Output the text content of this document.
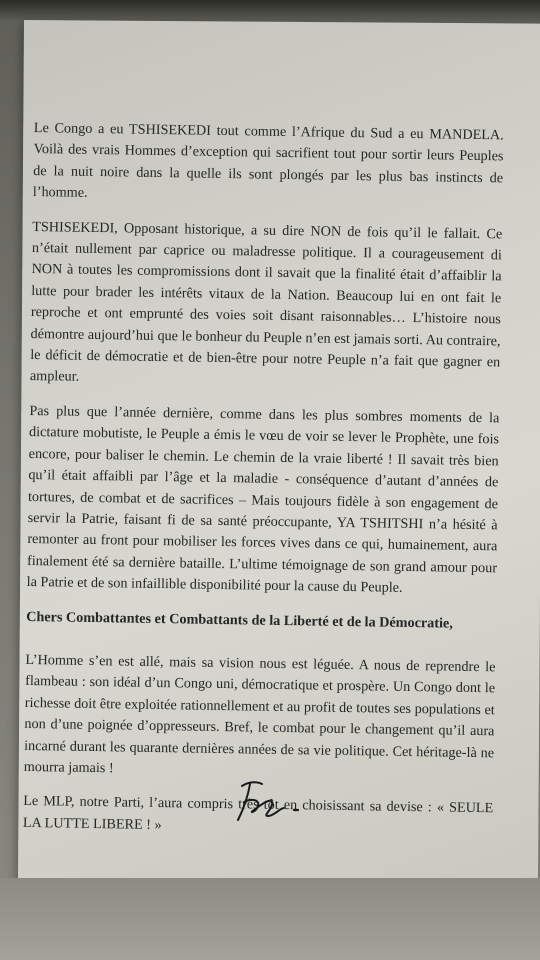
Le Congo a eu TSHISEKEDI tout comme l’Afrique du Sud a eu MANDELA. Voilà des vrais Hommes d’exception qui sacrifient tout pour sortir leurs Peuples de la nuit noire dans la quelle ils sont plongés par les plus bas instincts de l’homme.

TSHISEKEDI, Opposant historique, a su dire NON de fois qu’il le fallait. Ce n’était nullement par caprice ou maladresse politique. Il a courageusement di NON à toutes les compromissions dont il savait que la finalité était d’affaiblir la lutte pour brader les intérêts vitaux de la Nation. Beaucoup lui en ont fait le reproche et ont emprunté des voies soit disant raisonnables… L’histoire nous démontre aujourd’hui que le bonheur du Peuple n’en est jamais sorti. Au contraire, le déficit de démocratie et de bien-être pour notre Peuple n’a fait que gagner en ampleur.

Pas plus que l’année dernière, comme dans les plus sombres moments de la dictature mobutiste, le Peuple a émis le vœu de voir se lever le Prophète, une fois encore, pour baliser le chemin. Le chemin de la vraie liberté ! Il savait très bien qu’il était affaibli par l’âge et la maladie - conséquence d’autant d’années de tortures, de combat et de sacrifices – Mais toujours fidèle à son engagement de servir la Patrie, faisant fi de sa santé préoccupante, YA TSHITSHI n’a hésité à remonter au front pour mobiliser les forces vives dans ce qui, humainement, aura finalement été sa dernière bataille. L’ultime témoignage de son grand amour pour la Patrie et de son infaillible disponibilité pour la cause du Peuple.

Chers Combattantes et Combattants de la Liberté et de la Démocratie,

L’Homme s’en est allé, mais sa vision nous est léguée. A nous de reprendre le flambeau : son idéal d’un Congo uni, démocratique et prospère. Un Congo dont le richesse doit être exploitée rationnellement et au profit de toutes ses populations et non d’une poignée d’oppresseurs. Bref, le combat pour le changement qu’il aura incarné durant les quarante dernières années de sa vie politique. Cet héritage-là ne mourra jamais !

Le MLP, notre Parti, l’aura compris très tôt en choisissant sa devise : « SEULE LA LUTTE LIBERE ! »
